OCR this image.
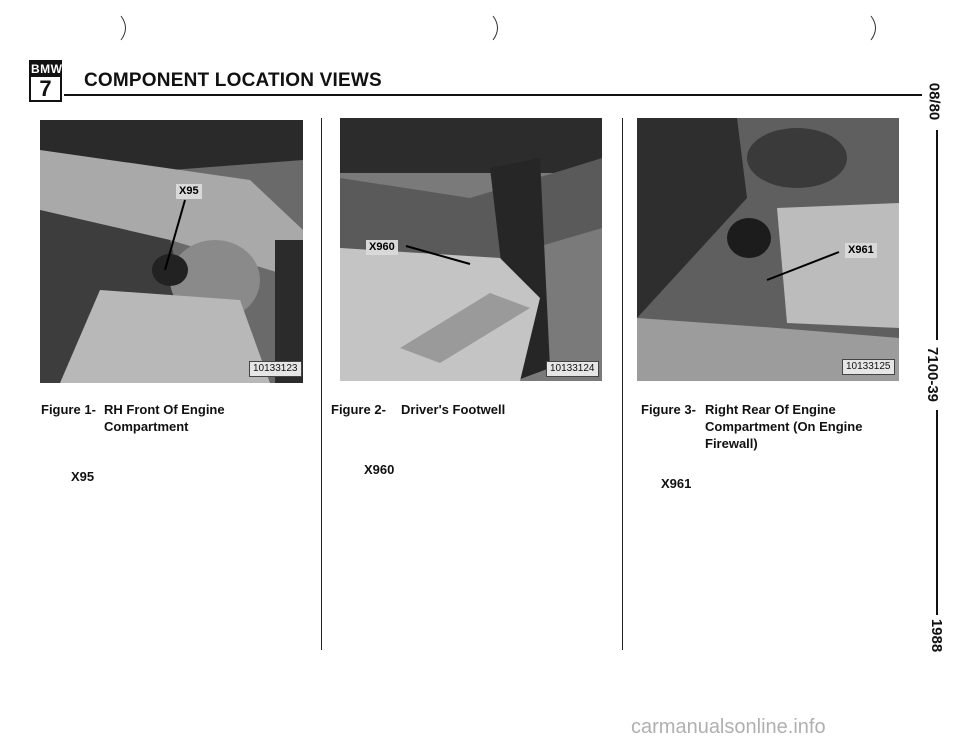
BMW
7	COMPONENT LOCATION VIEWS
X95
10133123
X960
10133124
X961
10133125
Figure 1- RH Front Of Engine
Compartment
Figure 2- Driver's Footwell	Figure 3- Right Rear Of Engine
Compartment (On Engine
Firewall)
X95	X960
X961
08/80
7100-39
1988
carmanualsonline.info
